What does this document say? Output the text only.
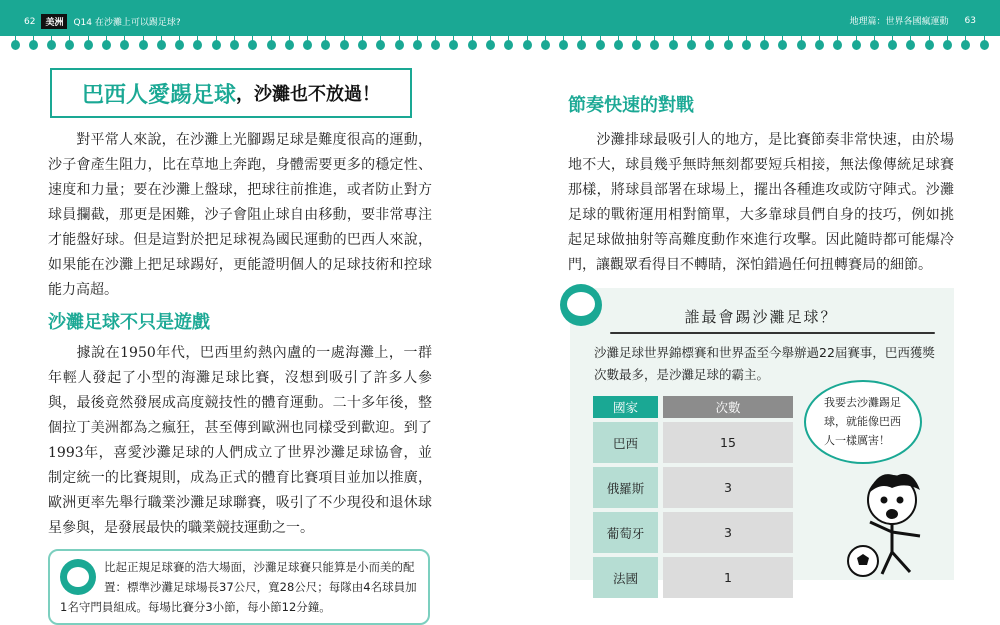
62	美洲	Q14 在沙灘上可以踢足球?	地理篇：世界各國瘋運動 63
巴西人愛踢足球 ，沙灘也不放過！
對平常人來說，在沙灘上光腳踢足球是難度很高的運動，沙子會產生阻力，比在草地上奔跑，身體需要更多的穩定性、速度和力量；要在沙灘上盤球，把球往前推進，或者防止對方球員攔截，那更是困難，沙子會阻止球自由移動，要非常專注才能盤好球。但是這對於把足球視為國民運動的巴西人來說，如果能在沙灘上把足球踢好，更能證明個人的足球技術和控球能力高超。
沙灘足球不只是遊戲
據說在1950年代，巴西里約熱內盧的一處海灘上，一群年輕人發起了小型的海灘足球比賽，沒想到吸引了許多人參與，最後竟然發展成高度競技性的體育運動。二十多年後，整個拉丁美洲都為之瘋狂，甚至傳到歐洲也同樣受到歡迎。到了1993年，喜愛沙灘足球的人們成立了世界沙灘足球協會，並制定統一的比賽規則，成為正式的體育比賽項目並加以推廣，歐洲更率先舉行職業沙灘足球聯賽，吸引了不少現役和退休球星參與，是發展最快的職業競技運動之一。
比起正規足球賽的浩大場面，沙灘足球賽只能算是小而美的配置：標準沙灘足球場長37公尺，寬28公尺；每隊由4名球員加1名守門員組成。每場比賽分3小節，每小節12分鐘。
節奏快速的對戰
沙灘排球最吸引人的地方，是比賽節奏非常快速，由於場地不大，球員幾乎無時無刻都要短兵相接，無法像傳統足球賽那樣，將球員部署在球場上，擺出各種進攻或防守陣式。沙灘足球的戰術運用相對簡單，大多靠球員們自身的技巧，例如挑起足球做抽射等高難度動作來進行攻擊。因此隨時都可能爆冷門，讓觀眾看得目不轉睛，深怕錯過任何扭轉賽局的細節。
誰最會踢沙灘足球？
沙灘足球世界錦標賽和世界盃至今舉辦過22屆賽事，巴西獲獎次數最多，是沙灘足球的霸主。
國家	次數
巴西	15
俄羅斯	3
葡萄牙	3
法國	1
我要去沙灘踢足球，就能像巴西人一樣厲害！
